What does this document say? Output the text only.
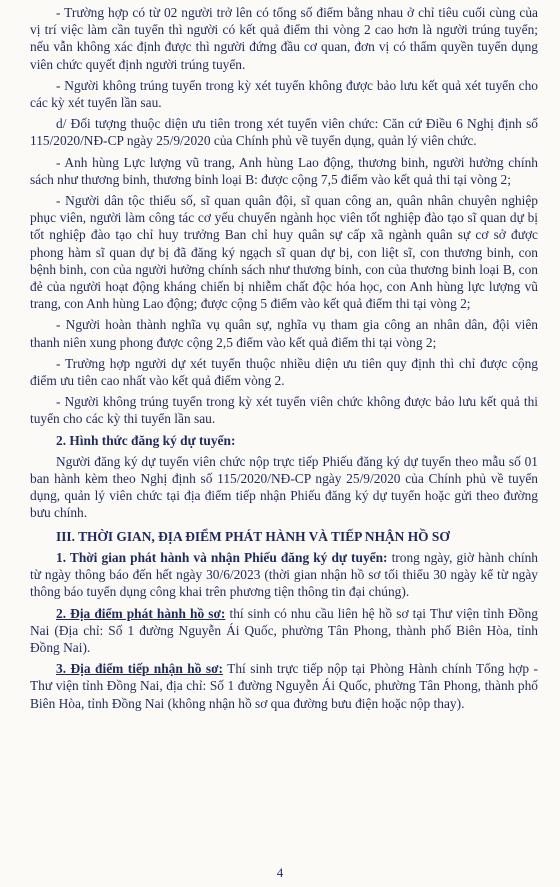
- Trường hợp có từ 02 người trở lên có tổng số điểm bằng nhau ở chỉ tiêu cuối cùng của vị trí việc làm cần tuyển thì người có kết quả điểm thi vòng 2 cao hơn là người trúng tuyển; nếu vẫn không xác định được thì người đứng đầu cơ quan, đơn vị có thẩm quyền tuyển dụng viên chức quyết định người trúng tuyển.

- Người không trúng tuyển trong kỳ xét tuyển không được bảo lưu kết quả xét tuyển cho các kỳ xét tuyển lần sau.

d/ Đối tượng thuộc diện ưu tiên trong xét tuyển viên chức: Căn cứ Điều 6 Nghị định số 115/2020/NĐ-CP ngày 25/9/2020 của Chính phủ về tuyển dụng, quản lý viên chức.

- Anh hùng Lực lượng vũ trang, Anh hùng Lao động, thương binh, người hưởng chính sách như thương binh, thương binh loại B: được cộng 7,5 điểm vào kết quả thi tại vòng 2;

- Người dân tộc thiểu số, sĩ quan quân đội, sĩ quan công an, quân nhân chuyên nghiệp phục viên, người làm công tác cơ yếu chuyển ngành học viên tốt nghiệp đào tạo sĩ quan dự bị tốt nghiệp đào tạo chỉ huy trưởng Ban chỉ huy quân sự cấp xã ngành quân sự cơ sở được phong hàm sĩ quan dự bị đã đăng ký ngạch sĩ quan dự bị, con liệt sĩ, con thương binh, con bệnh binh, con của người hưởng chính sách như thương binh, con của thương binh loại B, con đẻ của người hoạt động kháng chiến bị nhiễm chất độc hóa học, con Anh hùng lực lượng vũ trang, con Anh hùng Lao động; được cộng 5 điểm vào kết quả điểm thi tại vòng 2;

- Người hoàn thành nghĩa vụ quân sự, nghĩa vụ tham gia công an nhân dân, đội viên thanh niên xung phong được cộng 2,5 điểm vào kết quả điểm thi tại vòng 2;

- Trường hợp người dự xét tuyển thuộc nhiều diện ưu tiên quy định thì chỉ được cộng điểm ưu tiên cao nhất vào kết quả điểm vòng 2.

- Người không trúng tuyển trong kỳ xét tuyển viên chức không được bảo lưu kết quả thi tuyển cho các kỳ thi tuyển lần sau.

2. Hình thức đăng ký dự tuyển:

Người đăng ký dự tuyển viên chức nộp trực tiếp Phiếu đăng ký dự tuyển theo mẫu số 01 ban hành kèm theo Nghị định số 115/2020/NĐ-CP ngày 25/9/2020 của Chính phủ về tuyển dụng, quản lý viên chức tại địa điểm tiếp nhận Phiếu đăng ký dự tuyển hoặc gửi theo đường bưu chính.

III. THỜI GIAN, ĐỊA ĐIỂM PHÁT HÀNH VÀ TIẾP NHẬN HỒ SƠ

1. Thời gian phát hành và nhận Phiếu đăng ký dự tuyển: trong ngày, giờ hành chính từ ngày thông báo đến hết ngày 30/6/2023 (thời gian nhận hồ sơ tối thiểu 30 ngày kể từ ngày thông báo tuyển dụng công khai trên phương tiện thông tin đại chúng).

2. Địa điểm phát hành hồ sơ: thí sinh có nhu cầu liên hệ hồ sơ tại Thư viện tỉnh Đồng Nai (Địa chỉ: Số 1 đường Nguyễn Ái Quốc, phường Tân Phong, thành phố Biên Hòa, tỉnh Đồng Nai).

3. Địa điểm tiếp nhận hồ sơ: Thí sinh trực tiếp nộp tại Phòng Hành chính Tổng hợp - Thư viện tỉnh Đồng Nai, địa chỉ: Số 1 đường Nguyễn Ái Quốc, phường Tân Phong, thành phố Biên Hòa, tỉnh Đồng Nai (không nhận hồ sơ qua đường bưu điện hoặc nộp thay).

4
